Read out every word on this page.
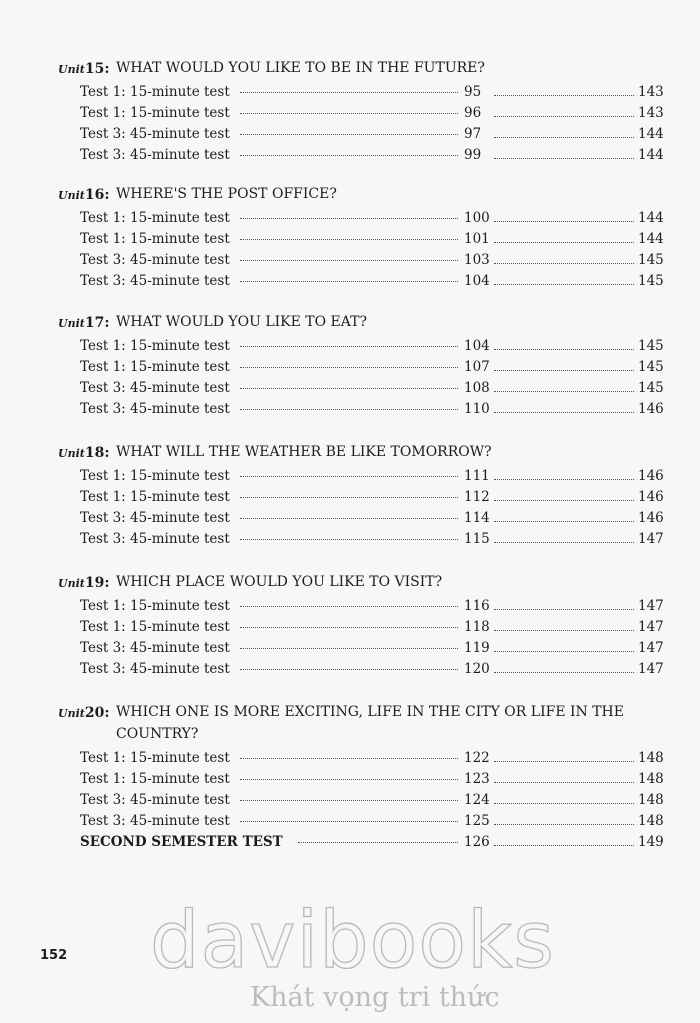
Unit15: WHAT WOULD YOU LIKE TO BE IN THE FUTURE?
Test 1: 15-minute test	95	143
Test 1: 15-minute test	96	143
Test 3: 45-minute test	97	144
Test 3: 45-minute test	99	144
Unit16: WHERE'S THE POST OFFICE?
Test 1: 15-minute test	100	144
Test 1: 15-minute test	101	144
Test 3: 45-minute test	103	145
Test 3: 45-minute test	104	145
Unit17: WHAT WOULD YOU LIKE TO EAT?
Test 1: 15-minute test	104	145
Test 1: 15-minute test	107	145
Test 3: 45-minute test	108	145
Test 3: 45-minute test	110	146
Unit18: WHAT WILL THE WEATHER BE LIKE TOMORROW?
Test 1: 15-minute test	111	146
Test 1: 15-minute test	112	146
Test 3: 45-minute test	114	146
Test 3: 45-minute test	115	147
Unit19: WHICH PLACE WOULD YOU LIKE TO VISIT?
Test 1: 15-minute test	116	147
Test 1: 15-minute test	118	147
Test 3: 45-minute test	119	147
Test 3: 45-minute test	120	147
Unit20: WHICH ONE IS MORE EXCITING, LIFE IN THE CITY OR LIFE IN THE COUNTRY?
Test 1: 15-minute test	122	148
Test 1: 15-minute test	123	148
Test 3: 45-minute test	124	148
Test 3: 45-minute test	125	148
SECOND SEMESTER TEST	126	149
152 davibooks
Khát vọng tri thức
